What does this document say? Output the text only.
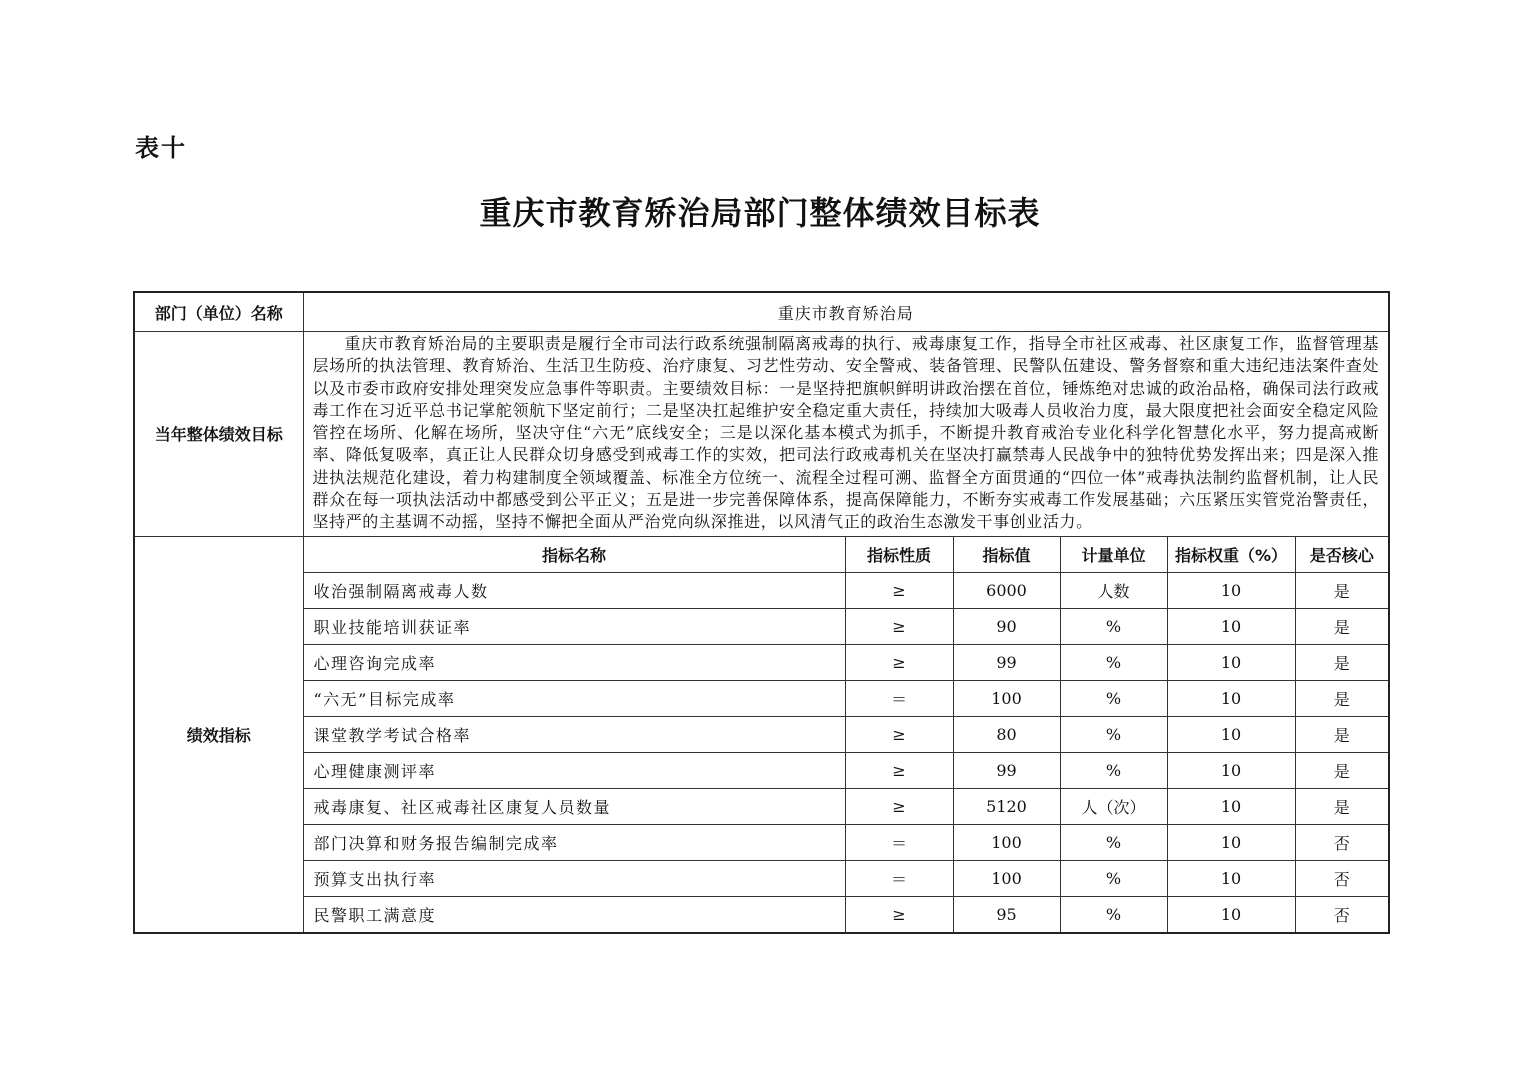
表十
重庆市教育矫治局部门整体绩效目标表
部门（单位）名称	重庆市教育矫治局					
当年整体绩效目标	重庆市教育矫治局的主要职责是履行全市司法行政系统强制隔离戒毒的执行、戒毒康复工作，指导全市社区戒毒、社区康复工作，监督管理基层场所的执法管理、教育矫治、生活卫生防疫、治疗康复、习艺性劳动、安全警戒、装备管理、民警队伍建设、警务督察和重大违纪违法案件查处以及市委市政府安排处理突发应急事件等职责。主要绩效目标：一是坚持把旗帜鲜明讲政治摆在首位，锤炼绝对忠诚的政治品格，确保司法行政戒毒工作在习近平总书记掌舵领航下坚定前行；二是坚决扛起维护安全稳定重大责任，持续加大吸毒人员收治力度，最大限度把社会面安全稳定风险管控在场所、化解在场所，坚决守住“六无”底线安全；三是以深化基本模式为抓手，不断提升教育戒治专业化科学化智慧化水平，努力提高戒断率、降低复吸率，真正让人民群众切身感受到戒毒工作的实效，把司法行政戒毒机关在坚决打赢禁毒人民战争中的独特优势发挥出来；四是深入推进执法规范化建设，着力构建制度全领域覆盖、标准全方位统一、流程全过程可溯、监督全方面贯通的“四位一体”戒毒执法制约监督机制，让人民群众在每一项执法活动中都感受到公平正义；五是进一步完善保障体系，提高保障能力，不断夯实戒毒工作发展基础；六压紧压实管党治警责任，坚持严的主基调不动摇，坚持不懈把全面从严治党向纵深推进，以风清气正的政治生态激发干事创业活力。					
绩效指标	指标名称	指标性质	指标值	计量单位	指标权重（%）	是否核心
	收治强制隔离戒毒人数	≥	6000	人数	10	是
	职业技能培训获证率	≥	90	%	10	是
	心理咨询完成率	≥	99	%	10	是
	“六无”目标完成率	＝	100	%	10	是
	课堂教学考试合格率	≥	80	%	10	是
	心理健康测评率	≥	99	%	10	是
	戒毒康复、社区戒毒社区康复人员数量	≥	5120	人（次）	10	是
	部门决算和财务报告编制完成率	＝	100	%	10	否
	预算支出执行率	＝	100	%	10	否
	民警职工满意度	≥	95	%	10	否
